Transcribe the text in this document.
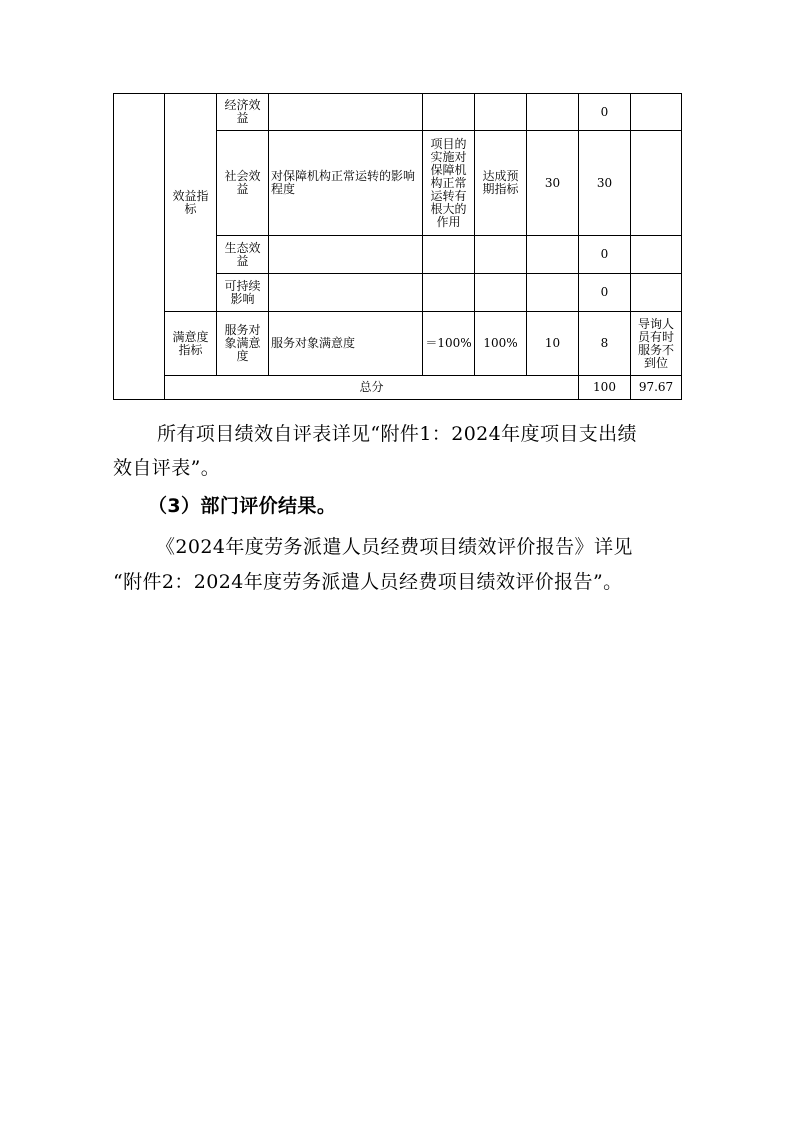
	效益指标	经济效益					0		
		社会效益	对保障机构正常运转的影响程度	项目的实施对保障机构正常运转有根大的作用	达成预期指标	30	30		
		生态效益					0		
		可持续影响					0		
	满意度指标	服务对象满意度	服务对象满意度	＝100%	100%	10	8	导询人员有时服务不到位	
	总分						100	97.67	
所有项目绩效自评表详见“附件1：2024年度项目支出绩
效自评表”。
（3）部门评价结果。
《2024年度劳务派遣人员经费项目绩效评价报告》详见
“附件2：2024年度劳务派遣人员经费项目绩效评价报告”。
